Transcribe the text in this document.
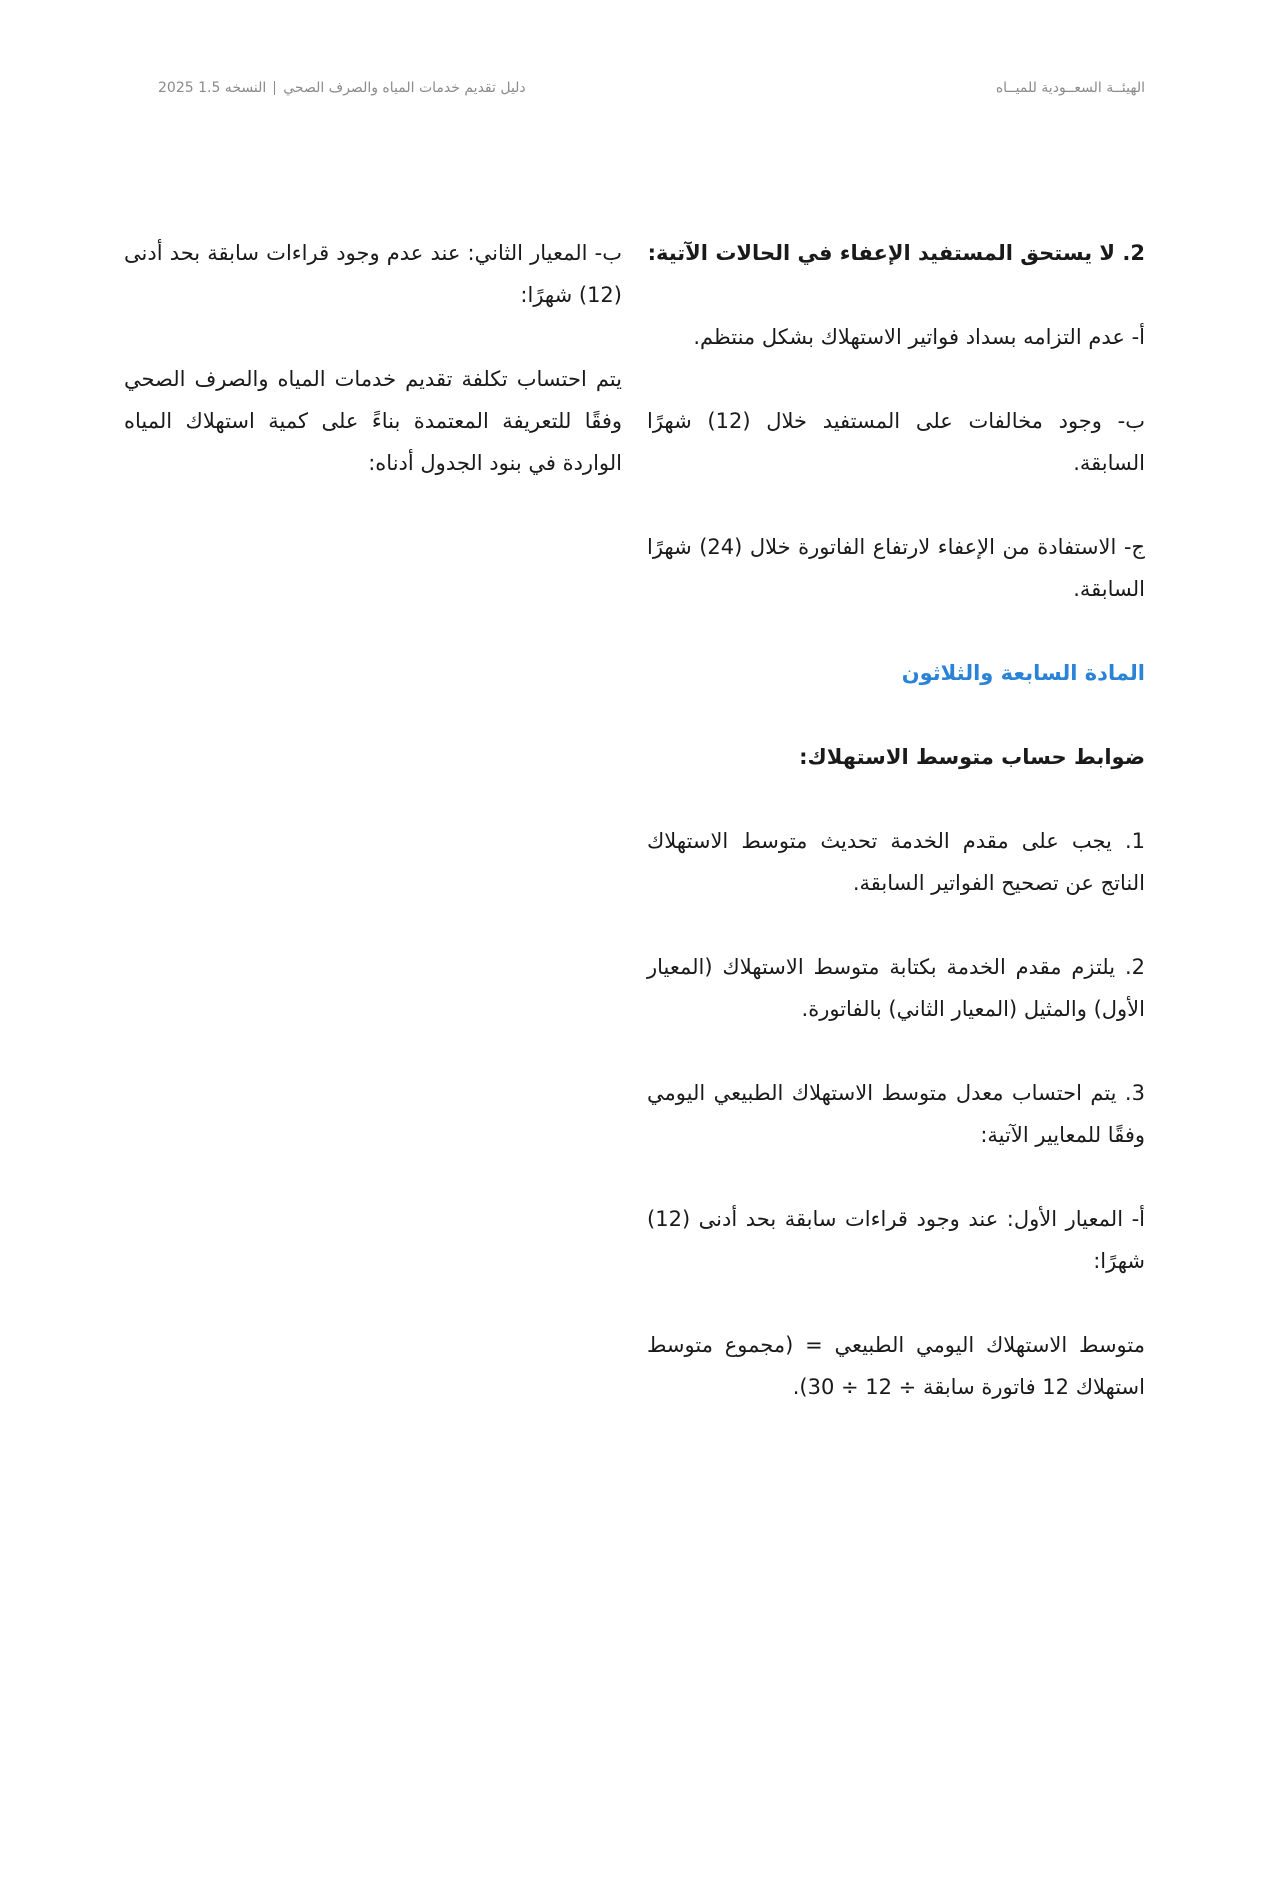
الهيئــة السعــودية للميــاه
دليل تقديم خدمات المياه والصرف الصحيالنسخه 1.5 2025

2. لا يستحق المستفيد الإعفاء في الحالات الآتية:

أ- عدم التزامه بسداد فواتير الاستهلاك بشكل منتظم.

ب- وجود مخالفات على المستفيد خلال (12) شهرًا السابقة.

ج- الاستفادة من الإعفاء لارتفاع الفاتورة خلال (24) شهرًا السابقة.

المادة السابعة والثلاثون

ضوابط حساب متوسط الاستهلاك:

1. يجب على مقدم الخدمة تحديث متوسط الاستهلاك الناتج عن تصحيح الفواتير السابقة.

2. يلتزم مقدم الخدمة بكتابة متوسط الاستهلاك (المعيار الأول) والمثيل (المعيار الثاني) بالفاتورة.

3. يتم احتساب معدل متوسط الاستهلاك الطبيعي اليومي وفقًا للمعايير الآتية:

أ- المعيار الأول: عند وجود قراءات سابقة بحد أدنى (12) شهرًا:

متوسط الاستهلاك اليومي الطبيعي = (مجموع متوسط استهلاك 12 فاتورة سابقة ÷ 12 ÷ 30).

ب- المعيار الثاني: عند عدم وجود قراءات سابقة بحد أدنى (12) شهرًا:

يتم احتساب تكلفة تقديم خدمات المياه والصرف الصحي وفقًا للتعريفة المعتمدة بناءً على كمية استهلاك المياه الواردة في بنود الجدول أدناه:
